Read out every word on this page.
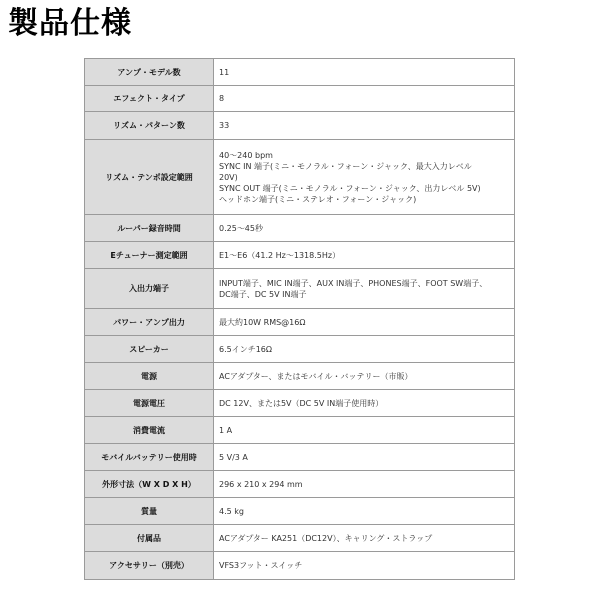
製品仕様
アンプ・モデル数	11

エフェクト・タイプ	8

リズム・パターン数	33

リズム・テンポ設定範囲	40～240 bpm
SYNC IN 端子(ミニ・モノラル・フォーン・ジャック、最大入力レベル
20V)
SYNC OUT 端子(ミニ・モノラル・フォーン・ジャック、出力レベル 5V)
ヘッドホン端子(ミニ・ステレオ・フォーン・ジャック)

ルーパー録音時間	0.25～45秒

Eチューナー測定範囲	E1～E6（41.2 Hz～1318.5Hz）

入出力端子	INPUT端子、MIC IN端子、AUX IN端子、PHONES端子、FOOT SW端子、
DC端子、DC 5V IN端子

パワー・アンプ出力	最大約10W RMS@16Ω

スピーカー	6.5インチ16Ω

電源	ACアダプター、またはモバイル・バッテリー（市販）

電源電圧	DC 12V、または5V（DC 5V IN端子使用時）

消費電流	1 A

モバイルバッテリー使用時	5 V/3 A

外形寸法（W X D X H）	296 x 210 x 294 mm

質量	4.5 kg

付属品	ACアダプター KA251（DC12V）、キャリング・ストラップ

アクセサリー（別売）	VFS3フット・スイッチ
